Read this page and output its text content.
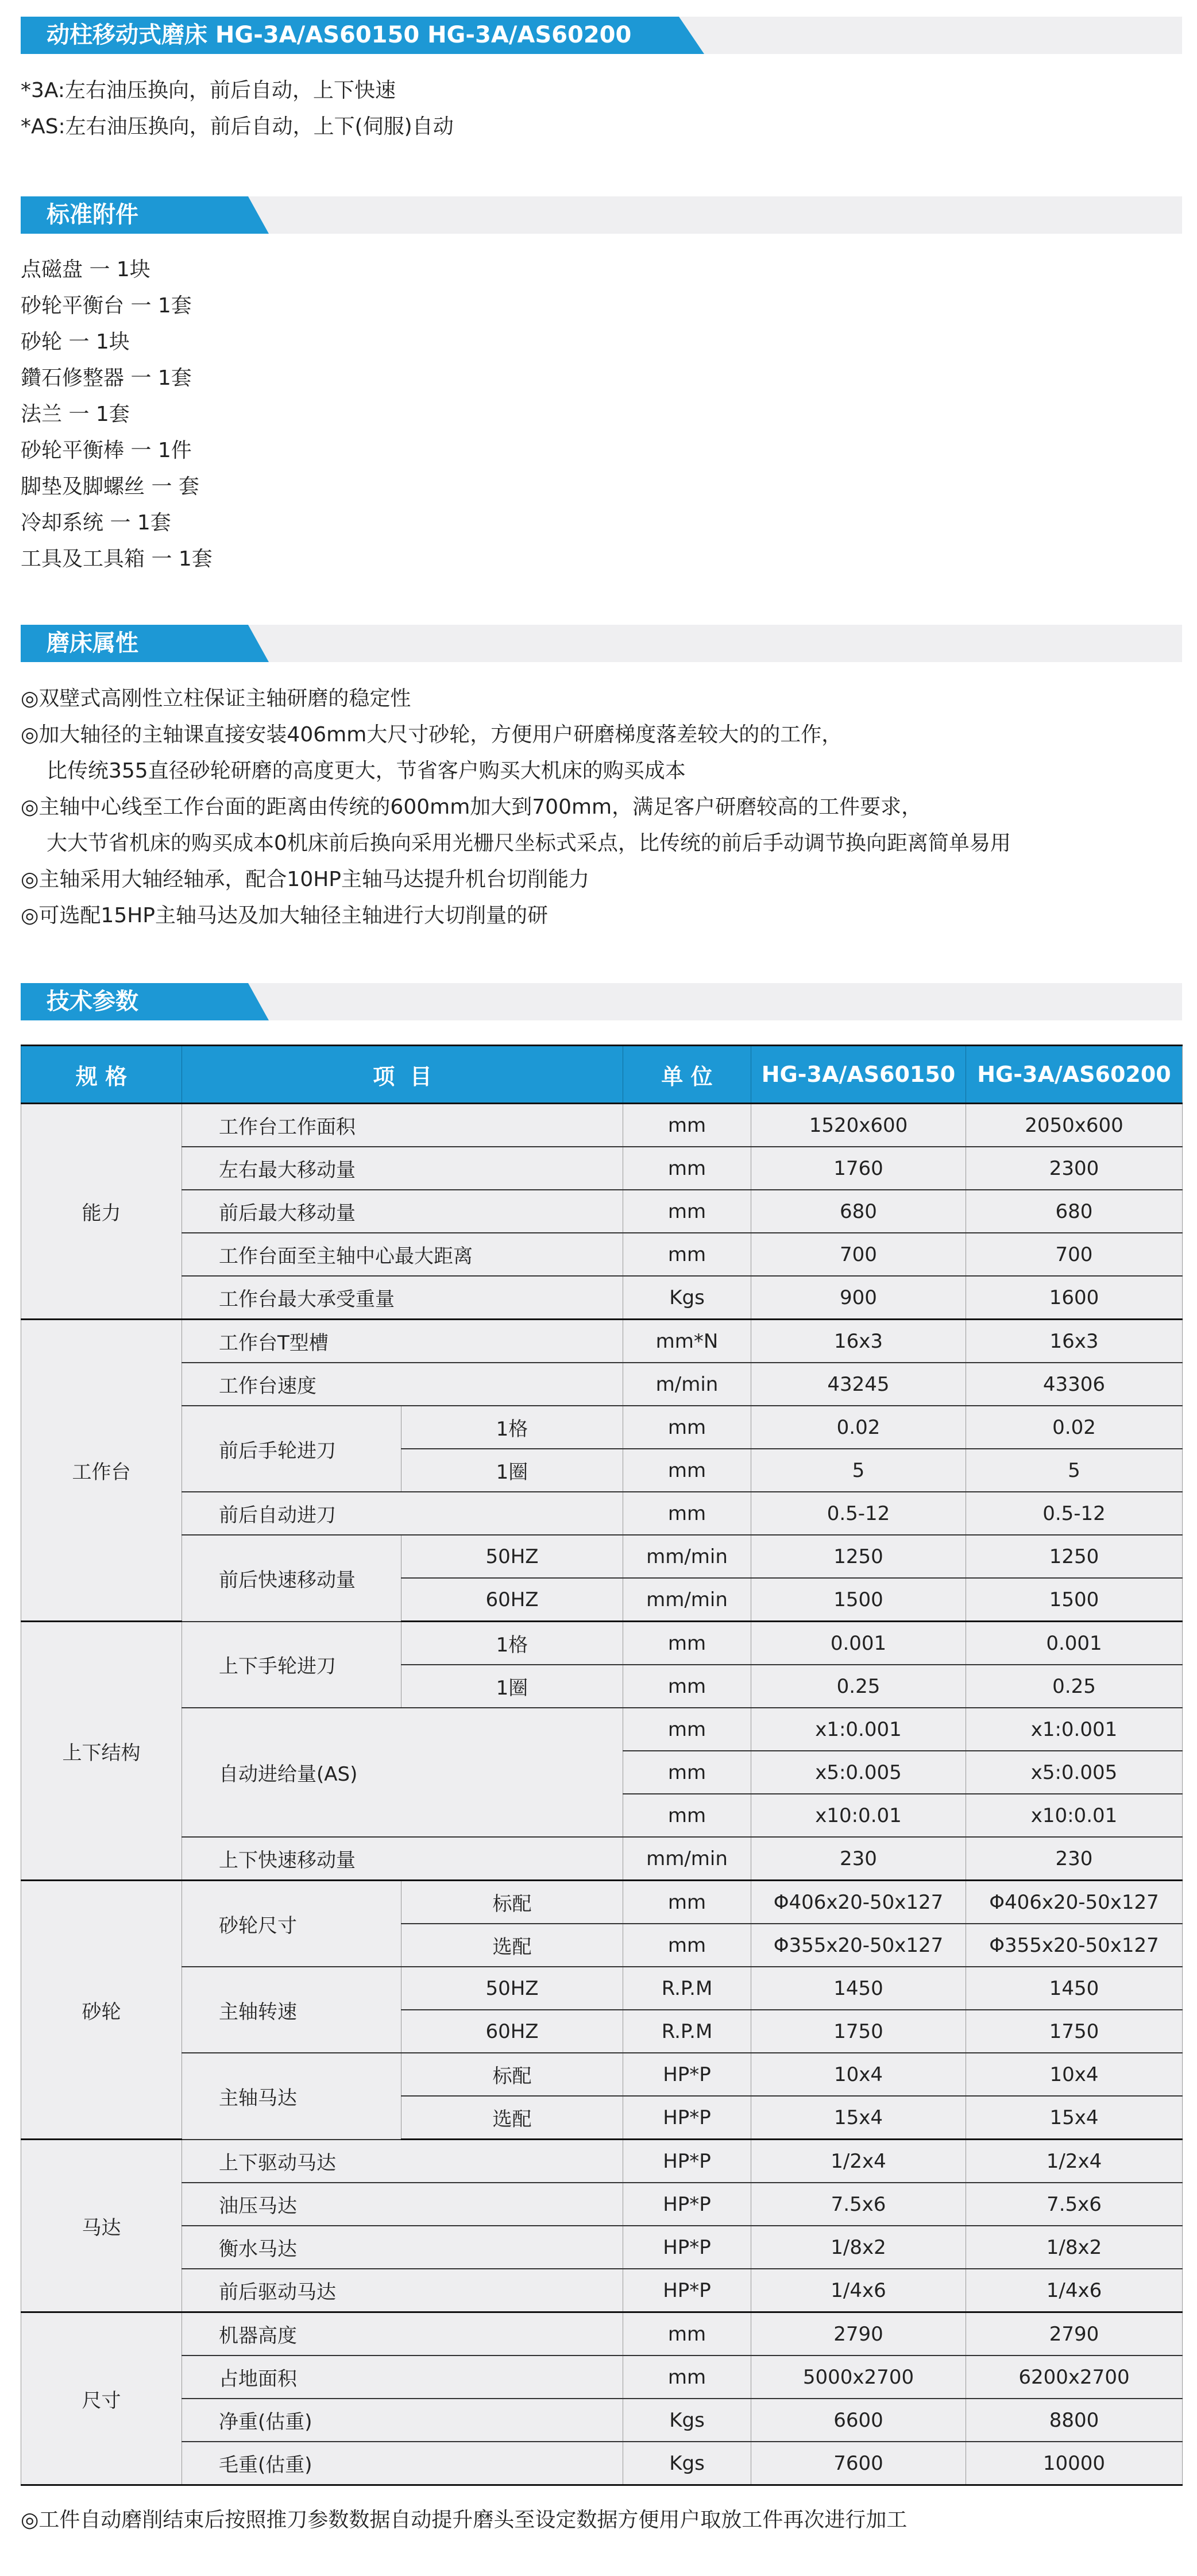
动柱移动式磨床 HG-3A/AS60150 HG-3A/AS60200
*3A:左右油压换向，前后自动，上下快速
*AS:左右油压换向，前后自动，上下(伺服)自动
标准附件
点磁盘 一 1块
砂轮平衡台 一 1套
砂轮 一 1块
鑽石修整器 一 1套
法兰 一 1套
砂轮平衡棒 一 1件
脚垫及脚螺丝 一 套
冷却系统 一 1套
工具及工具箱 一 1套
磨床属性
◎双壁式高刚性立柱保证主轴研磨的稳定性
◎加大轴径的主轴课直接安装406mm大尺寸砂轮，方便用户研磨梯度落差较大的的工作，
比传统355直径砂轮研磨的高度更大，节省客户购买大机床的购买成本
◎主轴中心线至工作台面的距离由传统的600mm加大到700mm，满足客户研磨较高的工件要求，
大大节省机床的购买成本0机床前后换向采用光栅尺坐标式采点，比传统的前后手动调节换向距离简单易用
◎主轴采用大轴经轴承，配合10HP主轴马达提升机台切削能力
◎可选配15HP主轴马达及加大轴径主轴进行大切削量的研
技术参数
规 格	项  目		单 位	HG-3A/AS60150	HG-3A/AS60200
能力	工作台工作面积		mm	1520x600	2050x600
	左右最大移动量		mm	1760	2300
	前后最大移动量		mm	680	680
	工作台面至主轴中心最大距离		mm	700	700
	工作台最大承受重量		Kgs	900	1600
工作台	工作台T型槽		mm*N	16x3	16x3
	工作台速度		m/min	43245	43306
	前后手轮进刀	1格	mm	0.02	0.02
		1圈	mm	5	5
	前后自动进刀		mm	0.5-12	0.5-12
	前后快速移动量	50HZ	mm/min	1250	1250
		60HZ	mm/min	1500	1500
上下结构	上下手轮进刀	1格	mm	0.001	0.001
		1圈	mm	0.25	0.25
	自动进给量(AS)		mm	x1:0.001	x1:0.001
			mm	x5:0.005	x5:0.005
			mm	x10:0.01	x10:0.01
	上下快速移动量		mm/min	230	230
砂轮	砂轮尺寸	标配	mm	Φ406x20-50x127	Φ406x20-50x127
		选配	mm	Φ355x20-50x127	Φ355x20-50x127
	主轴转速	50HZ	R.P.M	1450	1450
		60HZ	R.P.M	1750	1750
	主轴马达	标配	HP*P	10x4	10x4
		选配	HP*P	15x4	15x4
马达	上下驱动马达		HP*P	1/2x4	1/2x4
	油压马达		HP*P	7.5x6	7.5x6
	衡水马达		HP*P	1/8x2	1/8x2
	前后驱动马达		HP*P	1/4x6	1/4x6
尺寸	机器高度		mm	2790	2790
	占地面积		mm	5000x2700	6200x2700
	净重(估重)		Kgs	6600	8800
	毛重(估重)		Kgs	7600	10000
◎工件自动磨削结束后按照推刀参数数据自动提升磨头至设定数据方便用户取放工件再次进行加工
